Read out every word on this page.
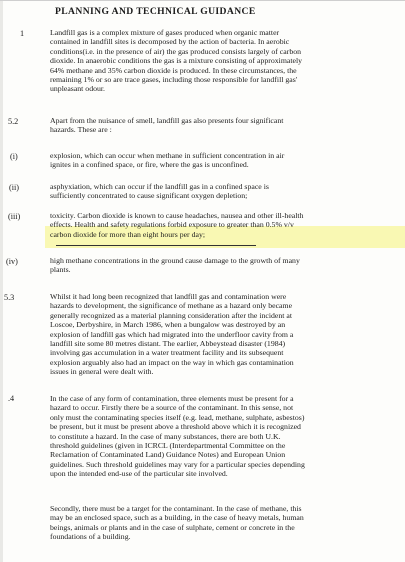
PLANNING AND TECHNICAL GUIDANCE
1	Landfill gas is a complex mixture of gases produced when organic matter
contained in landfill sites is decomposed by the action of bacteria. In aerobic
conditions(i.e. in the presence of air) the gas produced consists largely of carbon
dioxide. In anaerobic conditions the gas is a mixture consisting of approximately
64% methane and 35% carbon dioxide is produced. In these circumstances, the
remaining 1% or so are trace gases, including those responsible for landfill gas'
unpleasant odour.

5.2	Apart from the nuisance of smell, landfill gas also presents four significant
hazards. These are :

(i)	explosion, which can occur when methane in sufficient concentration in air
ignites in a confined space, or fire, where the gas is unconfined.

(ii)	asphyxiation, which can occur if the landfill gas in a confined space is
sufficiently concentrated to cause significant oxygen depletion;

(iii)	toxicity. Carbon dioxide is known to cause headaches, nausea and other ill-health
effects. Health and safety regulations forbid exposure to greater than 0.5% v/v
carbon dioxide for more than eight hours per day;

(iv)	high methane concentrations in the ground cause damage to the growth of many
plants.

5.3	Whilst it had long been recognized that landfill gas and contamination were
hazards to development, the significance of methane as a hazard only became
generally recognized as a material planning consideration after the incident at
Loscoe, Derbyshire, in March 1986, when a bungalow was destroyed by an
explosion of landfill gas which had migrated into the underfloor cavity from a
landfill site some 80 metres distant. The earlier, Abbeystead disaster (1984)
involving gas accumulation in a water treatment facility and its subsequent
explosion arguably also had an impact on the way in which gas contamination
issues in general were dealt with.

.4	In the case of any form of contamination, three elements must be present for a
hazard to occur. Firstly there be a source of the contaminant. In this sense, not
only must the contaminating species itself (e.g. lead, methane, sulphate, asbestos)
be present, but it must be present above a threshold above which it is recognized
to constitute a hazard. In the case of many substances, there are both U.K.
threshold guidelines (given in ICRCL (Interdepartmental Committee on the
Reclamation of Contaminated Land) Guidance Notes) and European Union
guidelines. Such threshold guidelines may vary for a particular species depending
upon the intended end-use of the particular site involved.

Secondly, there must be a target for the contaminant. In the case of methane, this
may be an enclosed space, such as a building, in the case of heavy metals, human
beings, animals or plants and in the case of sulphate, cement or concrete in the
foundations of a building.
